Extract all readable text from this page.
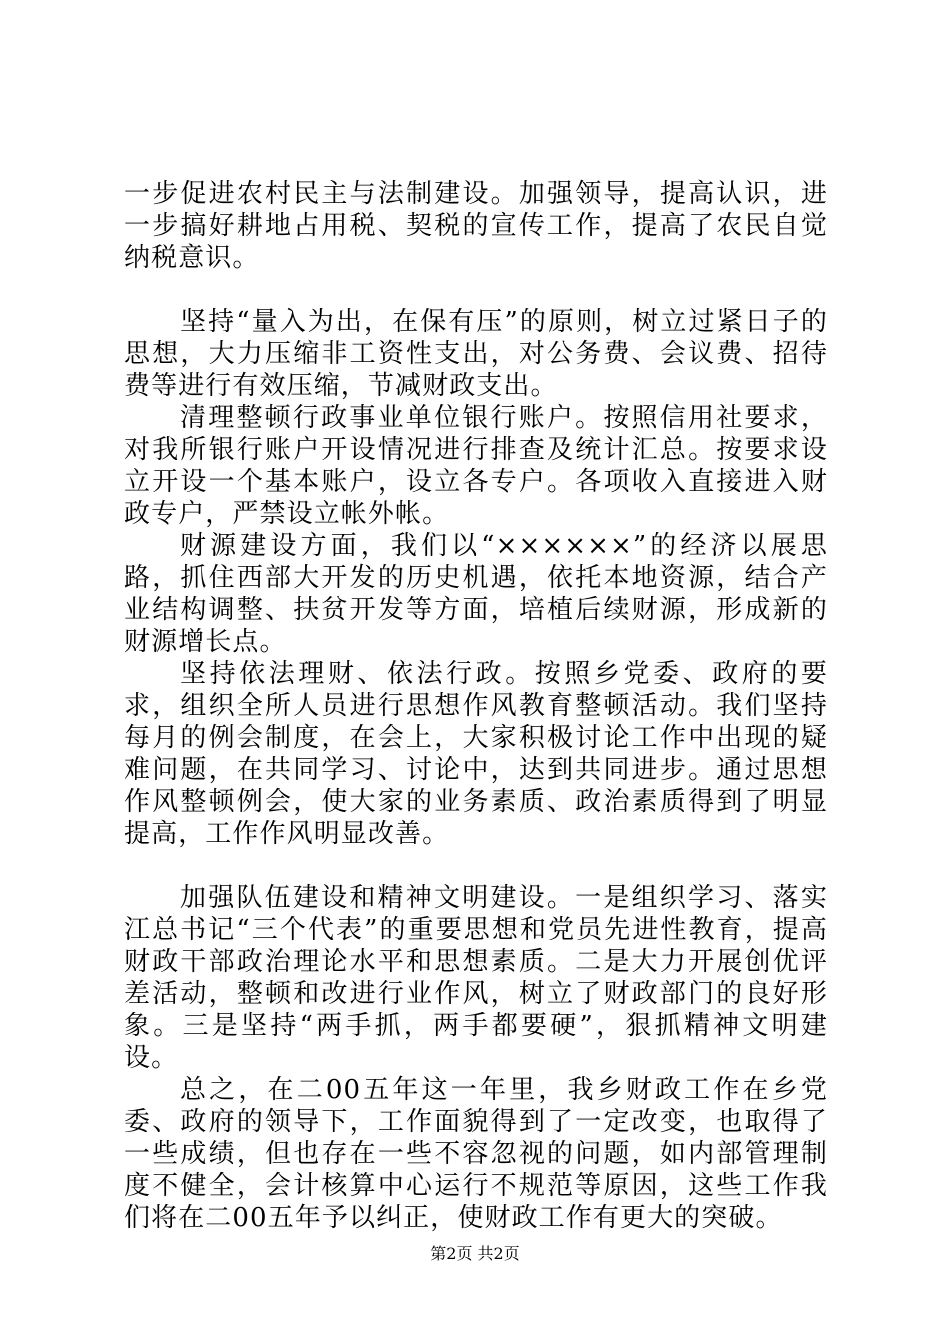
一步促进农村民主与法制建设。加强领导，提高认识，进一步搞好耕地占用税、契税的宣传工作，提高了农民自觉纳税意识。

坚持“量入为出，在保有压”的原则，树立过紧日子的思想，大力压缩非工资性支出，对公务费、会议费、招待费等进行有效压缩，节减财政支出。

清理整顿行政事业单位银行账户。按照信用社要求，对我所银行账户开设情况进行排查及统计汇总。按要求设立开设一个基本账户，设立各专户。各项收入直接进入财政专户，严禁设立帐外帐。

财源建设方面，我们以“××××××”的经济以展思路，抓住西部大开发的历史机遇，依托本地资源，结合产业结构调整、扶贫开发等方面，培植后续财源，形成新的财源增长点。

坚持依法理财、依法行政。按照乡党委、政府的要求，组织全所人员进行思想作风教育整顿活动。我们坚持每月的例会制度，在会上，大家积极讨论工作中出现的疑难问题，在共同学习、讨论中，达到共同进步。通过思想作风整顿例会，使大家的业务素质、政治素质得到了明显提高，工作作风明显改善。

加强队伍建设和精神文明建设。一是组织学习、落实江总书记“三个代表”的重要思想和党员先进性教育，提高财政干部政治理论水平和思想素质。二是大力开展创优评差活动，整顿和改进行业作风，树立了财政部门的良好形象。三是坚持“两手抓，两手都要硬”，狠抓精神文明建设。

总之，在二00五年这一年里，我乡财政工作在乡党委、政府的领导下，工作面貌得到了一定改变，也取得了一些成绩，但也存在一些不容忽视的问题，如内部管理制度不健全，会计核算中心运行不规范等原因，这些工作我们将在二00五年予以纠正，使财政工作有更大的突破。

第2页 共2页
